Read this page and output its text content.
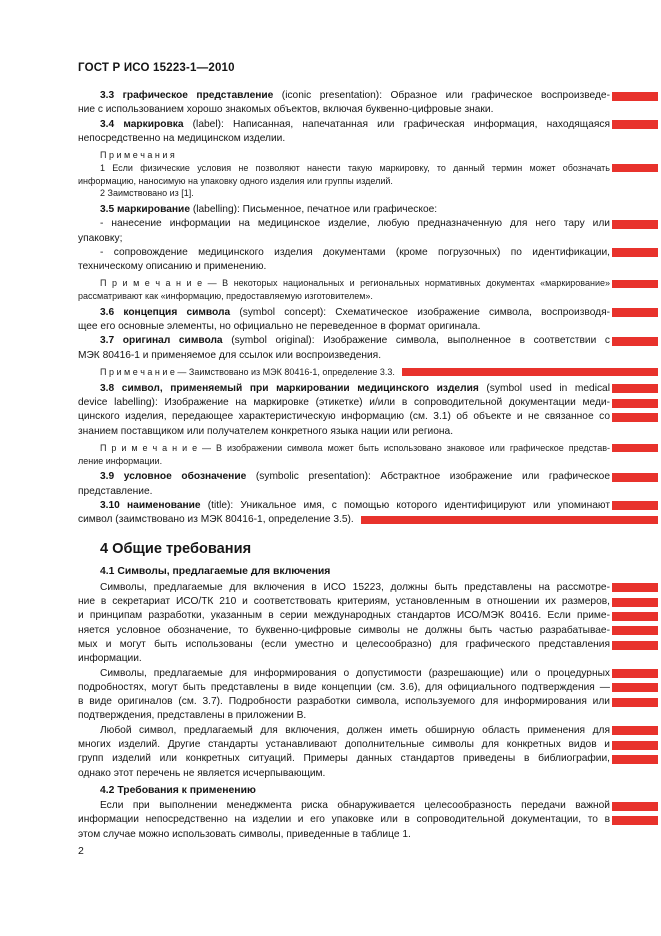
ГОСТ Р ИСО 15223-1—2010
3.3 графическое представление (iconic presentation): Образное или графическое воспроизведе-
ние с использованием хорошо знакомых объектов, включая буквенно-цифровые знаки.
3.4 маркировка (label): Написанная, напечатанная или графическая информация, находящаяся
непосредственно на медицинском изделии.
П р и м е ч а н и я
1 Если физические условия не позволяют нанести такую маркировку, то данный термин может обозначать
информацию, наносимую на упаковку одного изделия или группы изделий.
2 Заимствовано из [1].
3.5 маркирование (labelling): Письменное, печатное или графическое:
- нанесение информации на медицинское изделие, любую предназначенную для него тару или
упаковку;
- сопровождение медицинского изделия документами (кроме погрузочных) по идентификации,
техническому описанию и применению.
П р и м е ч а н и е — В некоторых национальных и региональных нормативных документах «маркирование»
рассматривают как «информацию, предоставляемую изготовителем».
3.6 концепция символа (symbol concept): Схематическое изображение символа, воспроизводя-
щее его основные элементы, но официально не переведенное в формат оригинала.
3.7 оригинал символа (symbol original): Изображение символа, выполненное в соответствии с
МЭК 80416-1 и применяемое для ссылок или воспроизведения.
П р и м е ч а н и е — Заимствовано из МЭК 80416-1, определение 3.3.
3.8 символ, применяемый при маркировании медицинского изделия (symbol used in medical
device labelling): Изображение на маркировке (этикетке) и/или в сопроводительной документации меди-
цинского изделия, передающее характеристическую информацию (см. 3.1) об объекте и не связанное со
знанием поставщиком или получателем конкретного языка нации или региона.
П р и м е ч а н и е — В изображении символа может быть использовано знаковое или графическое представ-
ление информации.
3.9 условное обозначение (symbolic presentation): Абстрактное изображение или графическое
представление.
3.10 наименование (title): Уникальное имя, с помощью которого идентифицируют или упоминают
символ (заимствовано из МЭК 80416-1, определение 3.5).
4 Общие требования
4.1 Символы, предлагаемые для включения
Символы, предлагаемые для включения в ИСО 15223, должны быть представлены на рассмотре-
ние в секретариат ИСО/ТК 210 и соответствовать критериям, установленным в отношении их размеров,
и принципам разработки, указанным в серии международных стандартов ИСО/МЭК 80416. Если приме-
няется условное обозначение, то буквенно-цифровые символы не должны быть частью разрабатывае-
мых и могут быть использованы (если уместно и целесообразно) для графического представления
информации.
Символы, предлагаемые для информирования о допустимости (разрешающие) или о процедурных
подробностях, могут быть представлены в виде концепции (см. 3.6), для официального подтверждения —
в виде оригиналов (см. 3.7). Подробности разработки символа, используемого для информирования или
подтверждения, представлены в приложении В.
Любой символ, предлагаемый для включения, должен иметь обширную область применения для
многих изделий. Другие стандарты устанавливают дополнительные символы для конкретных видов и
групп изделий или конкретных ситуаций. Примеры данных стандартов приведены в библиографии,
однако этот перечень не является исчерпывающим.
4.2 Требования к применению
Если при выполнении менеджмента риска обнаруживается целесообразность передачи важной
информации непосредственно на изделии и его упаковке или в сопроводительной документации, то в
этом случае можно использовать символы, приведенные в таблице 1.
2
